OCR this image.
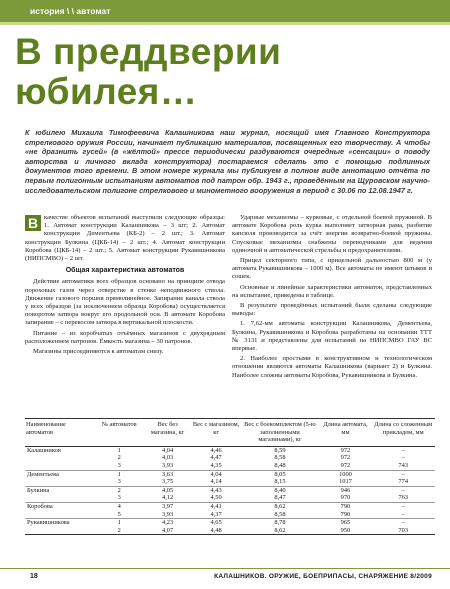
история \ \ автомат
В преддверии
юбилея…
К юбилею Михаила Тимофеевича Калашникова наш журнал, носящий имя Главного Конструктора стрелкового оружия России, начинает публикацию материалов, посвященных его творчеству. А чтобы «не дразнить гусей» (в «жёлтой» прессе периодически раздуваются очередные «сенсации» о поводу авторства и личного вклада конструктора) постараемся сделать это с помощью подлинных документов того времени. В этом номере журнала мы публикуем в полном виде аннотацию отчёта по первым полигонным испытаниям автоматов под патрон обр. 1943 г., проведённым на Щуровском научно-исследовательском полигоне стрелкового и минометного вооружения в период с 30.06 по 12.08.1947 г.
В качестве объектов испытаний выступили следующие образцы: 1. Автомат конструкции Калашникова – 3 шт; 2. Автомат конструкции Дементьева (КБ-2) – 2 шт.; 3. Автомат конструкции Булкина (ЦКБ-14) – 2 шт.; 4. Автомат конструкции Коробова (ЦКБ-14) – 2 шт.; 5. Автомат конструкции Рукавишникова (НИПСМВО) – 2 шт.

Общая характеристика автоматов

Действие автоматики всех образцов основано на принципе отвода пороховых газов через отверстие в стенке неподвижного ствола. Движение газового поршня прямолинейное. Запирание канала ствола у всех образцов (за исключением образца Коробова) осуществляется поворотом затвора вокруг его продольной оси. В автомате Коробова запирание – с перекосом затвора в вертикальной плоскости.

Питание – из коробчатых отъёмных магазинов с двухрядным расположением патронов. Ёмкость магазина – 30 патронов.

Магазины присоединяются к автоматам снизу.

Ударные механизмы – курковые, с отдельной боевой пружиной. В автомате Коробова роль курка выполняет затворная рама, разбитие капсюля производится за счёт энергии возвратно-боевой пружины. Спусковые механизмы снабжены переводчиками для ведения одиночной и автоматической стрельбы и предохранителями.

Прицел секторного типа, с прицельной дальностью 800 м (у автомата Рукавишникова – 1000 м). Все автоматы не имеют штыков и сошек.

Основные и линейные характеристики автоматов, представленных на испытание, приведены в таблице.

В результате проведённых испытаний были сделаны следующие выводы:

1. 7,62-мм автоматы конструкции Калашникова, Дементьева, Булкина, Рукавишникова и Коробова разработаны на основании ТТТ № 3131 и представлены для испытаний на НИПСМВО ГАУ ВС впервые.

2. Наиболее простыми в конструктивном и технологическом отношении являются автоматы Калашникова (вариант 2) и Булкина. Наиболее сложны автоматы Коробова, Рукавишникова и Булкина.

Наименование автоматов	№ автоматов	Вес без магазина, кг	Вес с магазином, кг	Вес с боекомплектом (5-ю заполненными магазинами), кг	Длина автомата, мм	Длина со сложенным прикладом, мм
Калашников	1	4,04	4,46	8,59	972	–
	2	4,03	4,47	8,58	972	–
	3	3,93	4,35	8,48	972	743
Дементьева	1	3,63	4,04	8,05	1000	–
	3	3,75	4,14	8,15	1017	774
Булкина	2	4,05	4,43	8,40	946	–
	3	4,12	4,50	8,47	970	763
Коробова	4	3,97	4,41	8,62	790	–
	5	3,93	4,37	8,58	790	–
Рукавишникова	1	4,23	4,65	8,78	965	–
	2	4,07	4,48	8,62	950	703
18	КАЛАШНИКОВ. ОРУЖИЕ, БОЕПРИПАСЫ, СНАРЯЖЕНИЕ 8/2009
